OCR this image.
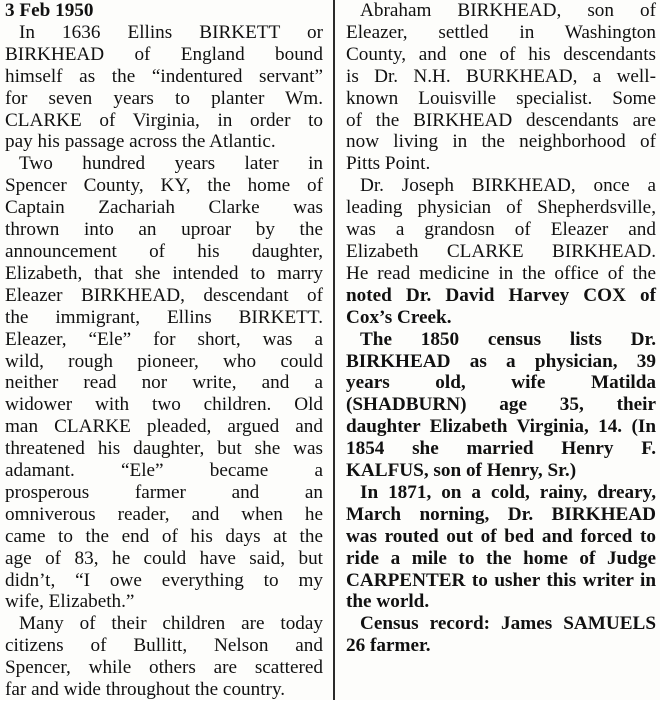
3 Feb 1950
In 1636 Ellins BIRKETT or
BIRKHEAD of England bound
himself as the “indentured servant”
for seven years to planter Wm.
CLARKE of Virginia, in order to
pay his passage across the Atlantic.
Two hundred years later in
Spencer County, KY, the home of
Captain Zachariah Clarke was
thrown into an uproar by the
announcement of his daughter,
Elizabeth, that she intended to marry
Eleazer BIRKHEAD, descendant of
the immigrant, Ellins BIRKETT.
Eleazer, “Ele” for short, was a
wild, rough pioneer, who could
neither read nor write, and a
widower with two children. Old
man CLARKE pleaded, argued and
threatened his daughter, but she was
adamant. “Ele” became a
prosperous farmer and an
omniverous reader, and when he
came to the end of his days at the
age of 83, he could have said, but
didn’t, “I owe everything to my
wife, Elizabeth.”
Many of their children are today
citizens of Bullitt, Nelson and
Spencer, while others are scattered
far and wide throughout the country.
Abraham BIRKHEAD, son of
Eleazer, settled in Washington
County, and one of his descendants
is Dr. N.H. BURKHEAD, a well-
known Louisville specialist. Some
of the BIRKHEAD descendants are
now living in the neighborhood of
Pitts Point.
Dr. Joseph BIRKHEAD, once a
leading physician of Shepherdsville,
was a grandosn of Eleazer and
Elizabeth CLARKE BIRKHEAD.
He read medicine in the office of the
noted Dr. David Harvey COX of
Cox’s Creek.
The 1850 census lists Dr.
BIRKHEAD as a physician, 39
years old, wife Matilda
(SHADBURN) age 35, their
daughter Elizabeth Virginia, 14. (In
1854 she married Henry F.
KALFUS, son of Henry, Sr.)
In 1871, on a cold, rainy, dreary,
March norning, Dr. BIRKHEAD
was routed out of bed and forced to
ride a mile to the home of Judge
CARPENTER to usher this writer in
the world.
Census record: James SAMUELS
26 farmer.
